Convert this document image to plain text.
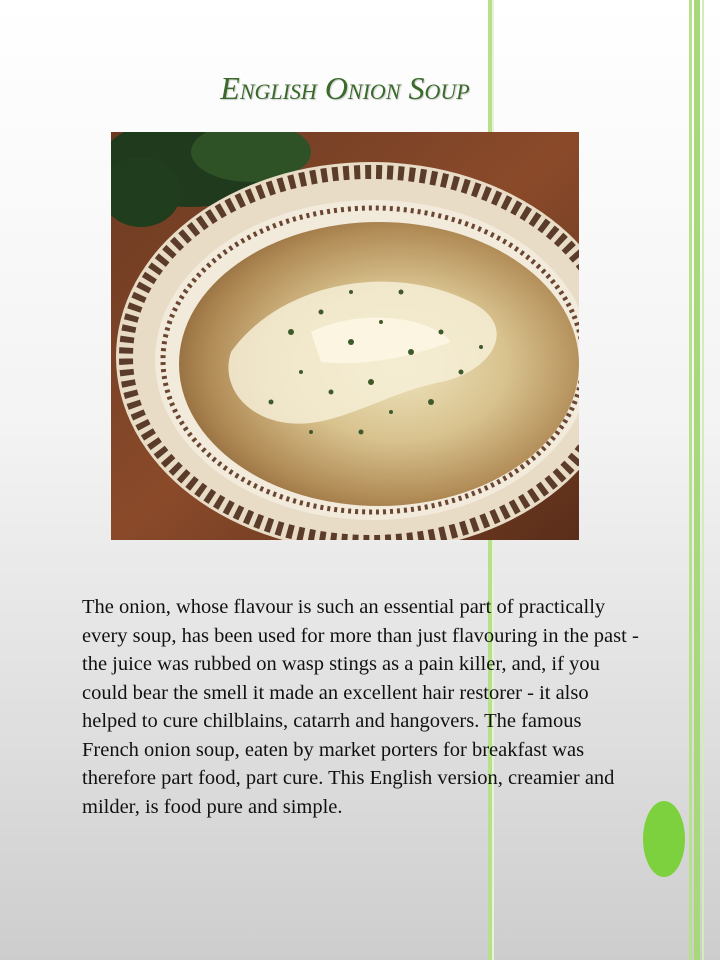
English Onion Soup
The onion, whose flavour is such an essential part of practically every soup, has been used for more than just flavouring in the past - the juice was rubbed on wasp stings as a pain killer, and, if you could bear the smell it made an excellent hair restorer - it also helped to cure chilblains, catarrh and hangovers. The famous French onion soup, eaten by market porters for breakfast was therefore part food, part cure. This English version, creamier and milder, is food pure and simple.
